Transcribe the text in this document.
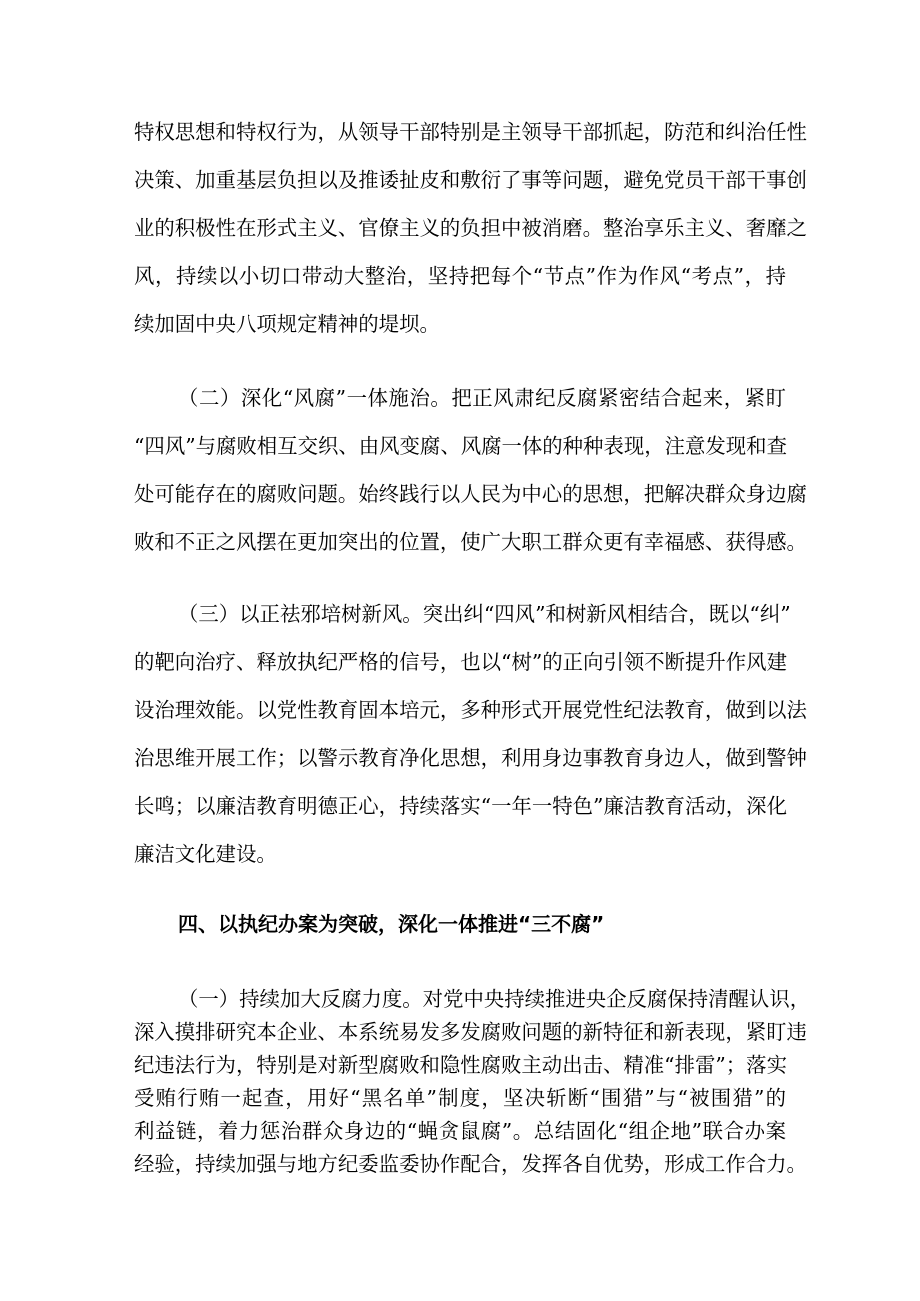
特权思想和特权行为，从领导干部特别是主领导干部抓起，防范和纠治任性
决策、加重基层负担以及推诿扯皮和敷衍了事等问题，避免党员干部干事创
业的积极性在形式主义、官僚主义的负担中被消磨。整治享乐主义、奢靡之
风，持续以小切口带动大整治，坚持把每个“节点”作为作风“考点”，持
续加固中央八项规定精神的堤坝。
（二）深化“风腐”一体施治。把正风肃纪反腐紧密结合起来，紧盯
“四风”与腐败相互交织、由风变腐、风腐一体的种种表现，注意发现和查
处可能存在的腐败问题。始终践行以人民为中心的思想，把解决群众身边腐
败和不正之风摆在更加突出的位置，使广大职工群众更有幸福感、获得感。
（三）以正祛邪培树新风。突出纠“四风”和树新风相结合，既以“纠”
的靶向治疗、释放执纪严格的信号，也以“树”的正向引领不断提升作风建
设治理效能。以党性教育固本培元，多种形式开展党性纪法教育，做到以法
治思维开展工作；以警示教育净化思想，利用身边事教育身边人，做到警钟
长鸣；以廉洁教育明德正心，持续落实“一年一特色”廉洁教育活动，深化
廉洁文化建设。
四、以执纪办案为突破，深化一体推进“三不腐”
（一）持续加大反腐力度。对党中央持续推进央企反腐保持清醒认识，
深入摸排研究本企业、本系统易发多发腐败问题的新特征和新表现，紧盯违
纪违法行为，特别是对新型腐败和隐性腐败主动出击、精准“排雷”；落实
受贿行贿一起查，用好“黑名单”制度，坚决斩断“围猎”与“被围猎”的
利益链，着力惩治群众身边的“蝇贪鼠腐”。总结固化“组企地”联合办案
经验，持续加强与地方纪委监委协作配合，发挥各自优势，形成工作合力。
